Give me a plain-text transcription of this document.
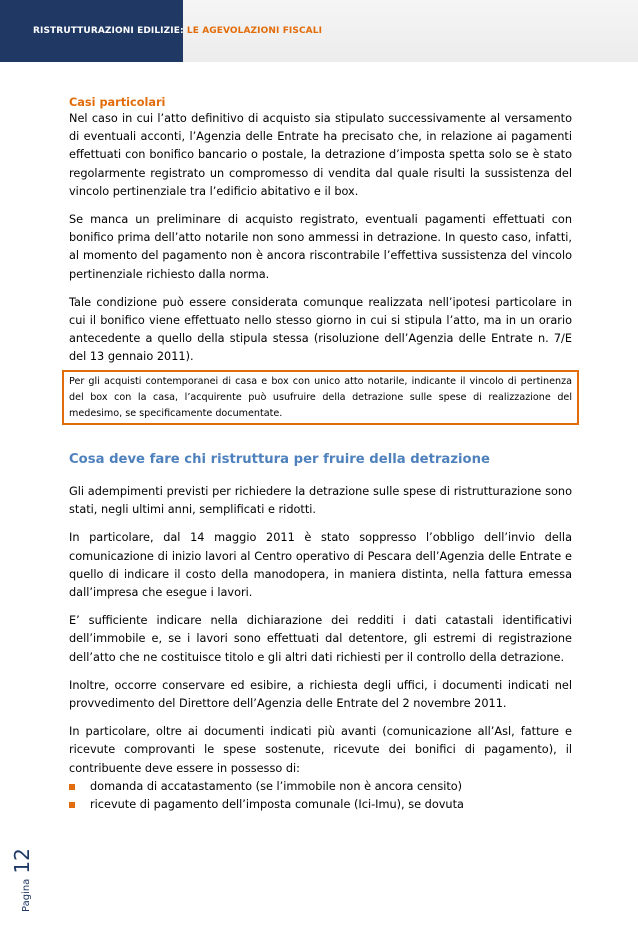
RISTRUTTURAZIONI EDILIZIE: LE AGEVOLAZIONI FISCALI
Casi particolari

Nel caso in cui l’atto definitivo di acquisto sia stipulato successivamente al versamento di eventuali acconti, l’Agenzia delle Entrate ha precisato che, in relazione ai pagamenti effettuati con bonifico bancario o postale, la detrazione d’imposta spetta solo se è stato regolarmente registrato un compromesso di vendita dal quale risulti la sussistenza del vincolo pertinenziale tra l’edificio abitativo e il box.

Se manca un preliminare di acquisto registrato, eventuali pagamenti effettuati con bonifico prima dell’atto notarile non sono ammessi in detrazione. In questo caso, infatti, al momento del pagamento non è ancora riscontrabile l’effettiva sussistenza del vincolo pertinenziale richiesto dalla norma.

Tale condizione può essere considerata comunque realizzata nell’ipotesi particolare in cui il bonifico viene effettuato nello stesso giorno in cui si stipula l’atto, ma in un orario antecedente a quello della stipula stessa (risoluzione dell’Agenzia delle Entrate n. 7/E del 13 gennaio 2011).

Per gli acquisti contemporanei di casa e box con unico atto notarile, indicante il vincolo di pertinenza del box con la casa, l’acquirente può usufruire della detrazione sulle spese di realizzazione del medesimo, se specificamente documentate.
Cosa deve fare chi ristruttura per fruire della detrazione

Gli adempimenti previsti per richiedere la detrazione sulle spese di ristrutturazione sono stati, negli ultimi anni, semplificati e ridotti.

In particolare, dal 14 maggio 2011 è stato soppresso l’obbligo dell’invio della comunicazione di inizio lavori al Centro operativo di Pescara dell’Agenzia delle Entrate e quello di indicare il costo della manodopera, in maniera distinta, nella fattura emessa dall’impresa che esegue i lavori.

E’ sufficiente indicare nella dichiarazione dei redditi i dati catastali identificativi dell’immobile e, se i lavori sono effettuati dal detentore, gli estremi di registrazione dell’atto che ne costituisce titolo e gli altri dati richiesti per il controllo della detrazione.

Inoltre, occorre conservare ed esibire, a richiesta degli uffici, i documenti indicati nel provvedimento del Direttore dell’Agenzia delle Entrate del 2 novembre 2011.

In particolare, oltre ai documenti indicati più avanti (comunicazione all’Asl, fatture e ricevute comprovanti le spese sostenute, ricevute dei bonifici di pagamento), il contribuente deve essere in possesso di:

domanda di accatastamento (se l’immobile non è ancora censito)
ricevute di pagamento dell’imposta comunale (Ici-Imu), se dovuta
Pagina 12
